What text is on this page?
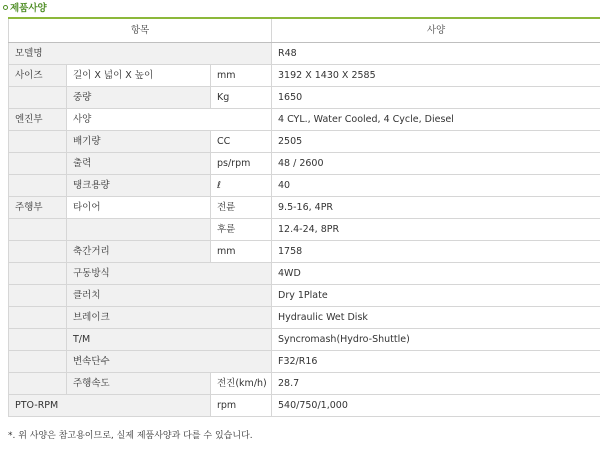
제품사양
항목			사양
모델명			R48
사이즈	길이 X 넓이 X 높이	mm	3192 X 1430 X 2585
	중량	Kg	1650
엔진부	사양		4 CYL., Water Cooled, 4 Cycle, Diesel
	배기량	CC	2505
	출력	ps/rpm	48 / 2600
	탱크용량	ℓ	40
주행부	타이어	전륜	9.5-16, 4PR
		후륜	12.4-24, 8PR
	축간거리	mm	1758
	구동방식		4WD
	클러치		Dry 1Plate
	브레이크		Hydraulic Wet Disk
	T/M		Syncromash(Hydro-Shuttle)
	변속단수		F32/R16
	주행속도	전진(km/h)	28.7
PTO-RPM		rpm	540/750/1,000
*. 위 사양은 참고용이므로, 실제 제품사양과 다를 수 있습니다.
